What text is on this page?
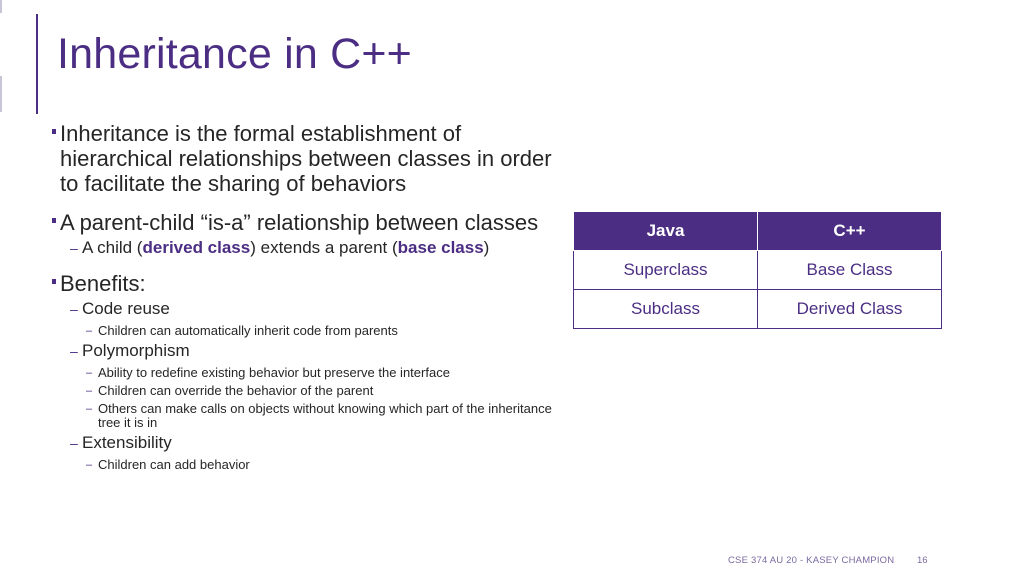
Inheritance in C++
Inheritance is the formal establishment of hierarchical relationships between classes in order to facilitate the sharing of behaviors
A parent-child “is-a” relationship between classes
– A child (derived class) extends a parent (base class)
Benefits:
– Code reuse
– Children can automatically inherit code from parents
– Polymorphism
– Ability to redefine existing behavior but preserve the interface
– Children can override the behavior of the parent
– Others can make calls on objects without knowing which part of the inheritance tree it is in
– Extensibility
– Children can add behavior
Java	C++
Superclass	Base Class
Subclass	Derived Class
CSE 374 AU 20 - KASEY CHAMPION 16
